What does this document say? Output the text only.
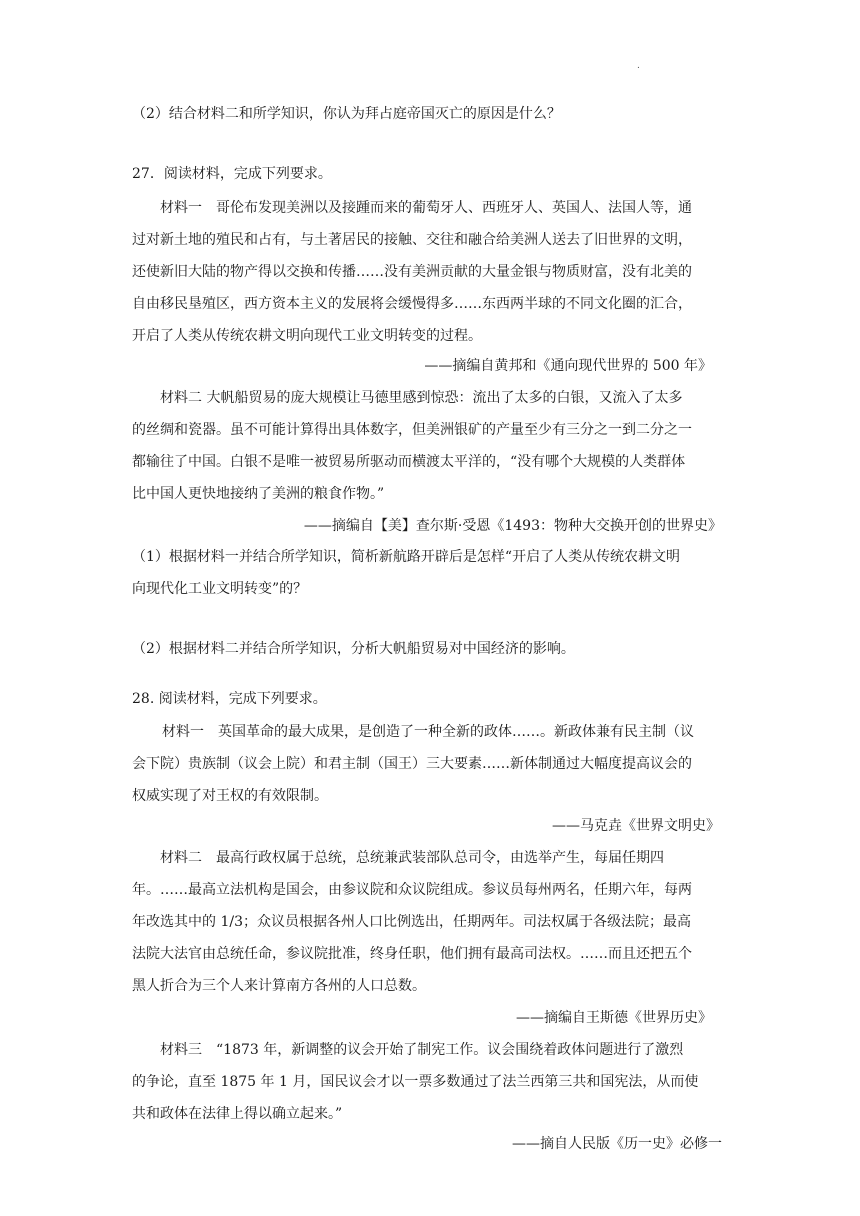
.
（2）结合材料二和所学知识，你认为拜占庭帝国灭亡的原因是什么？
27．阅读材料，完成下列要求。
材料一　哥伦布发现美洲以及接踵而来的葡萄牙人、西班牙人、英国人、法国人等，通
过对新土地的殖民和占有，与土著居民的接触、交往和融合给美洲人送去了旧世界的文明，
还使新旧大陆的物产得以交换和传播……没有美洲贡献的大量金银与物质财富，没有北美的
自由移民垦殖区，西方资本主义的发展将会缓慢得多……东西两半球的不同文化圈的汇合，
开启了人类从传统农耕文明向现代工业文明转变的过程。
——摘编自黄邦和《通向现代世界的 500 年》
材料二 大帆船贸易的庞大规模让马德里感到惊恐：流出了太多的白银，又流入了太多
的丝绸和瓷器。虽不可能计算得出具体数字，但美洲银矿的产量至少有三分之一到二分之一
都输往了中国。白银不是唯一被贸易所驱动而横渡太平洋的，“没有哪个大规模的人类群体
比中国人更快地接纳了美洲的粮食作物。”
——摘编自【美】查尔斯·受恩《1493：物种大交换开创的世界史》
（1）根据材料一并结合所学知识，简析新航路开辟后是怎样“开启了人类从传统农耕文明
向现代化工业文明转变”的？
（2）根据材料二并结合所学知识，分析大帆船贸易对中国经济的影响。
28. 阅读材料，完成下列要求。
材料一　英国革命的最大成果，是创造了一种全新的政体……。新政体兼有民主制（议
会下院）贵族制（议会上院）和君主制（国王）三大要素……新体制通过大幅度提高议会的
权威实现了对王权的有效限制。
——马克垚《世界文明史》
材料二　最高行政权属于总统，总统兼武装部队总司令，由选举产生，每届任期四
年。……最高立法机构是国会，由参议院和众议院组成。参议员每州两名，任期六年，每两
年改选其中的 1/3；众议员根据各州人口比例选出，任期两年。司法权属于各级法院；最高
法院大法官由总统任命，参议院批准，终身任职，他们拥有最高司法权。……而且还把五个
黑人折合为三个人来计算南方各州的人口总数。
——摘编自王斯德《世界历史》
材料三　“1873 年，新调整的议会开始了制宪工作。议会围绕着政体问题进行了激烈
的争论，直至 1875 年 1 月，国民议会才以一票多数通过了法兰西第三共和国宪法，从而使
共和政体在法律上得以确立起来。”
——摘自人民版《历一史》必修一
